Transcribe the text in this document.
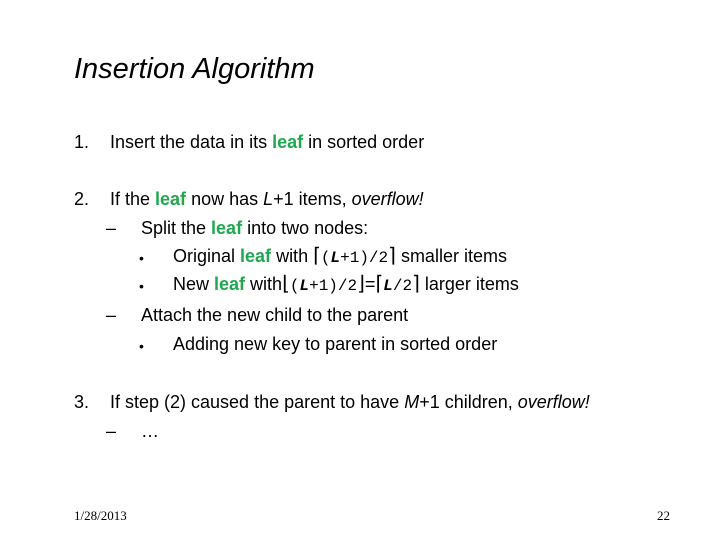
Insertion Algorithm
1. Insert the data in its leaf in sorted order
2. If the leaf now has L+1 items, overflow!
– Split the leaf into two nodes:
• Original leaf with ⌈(L+1)/2⌉ smaller items
• New leaf with⌊(L+1)/2⌋=⌈L/2⌉ larger items
– Attach the new child to the parent
• Adding new key to parent in sorted order
3. If step (2) caused the parent to have M+1 children, overflow!
– …
1/28/2013	22
